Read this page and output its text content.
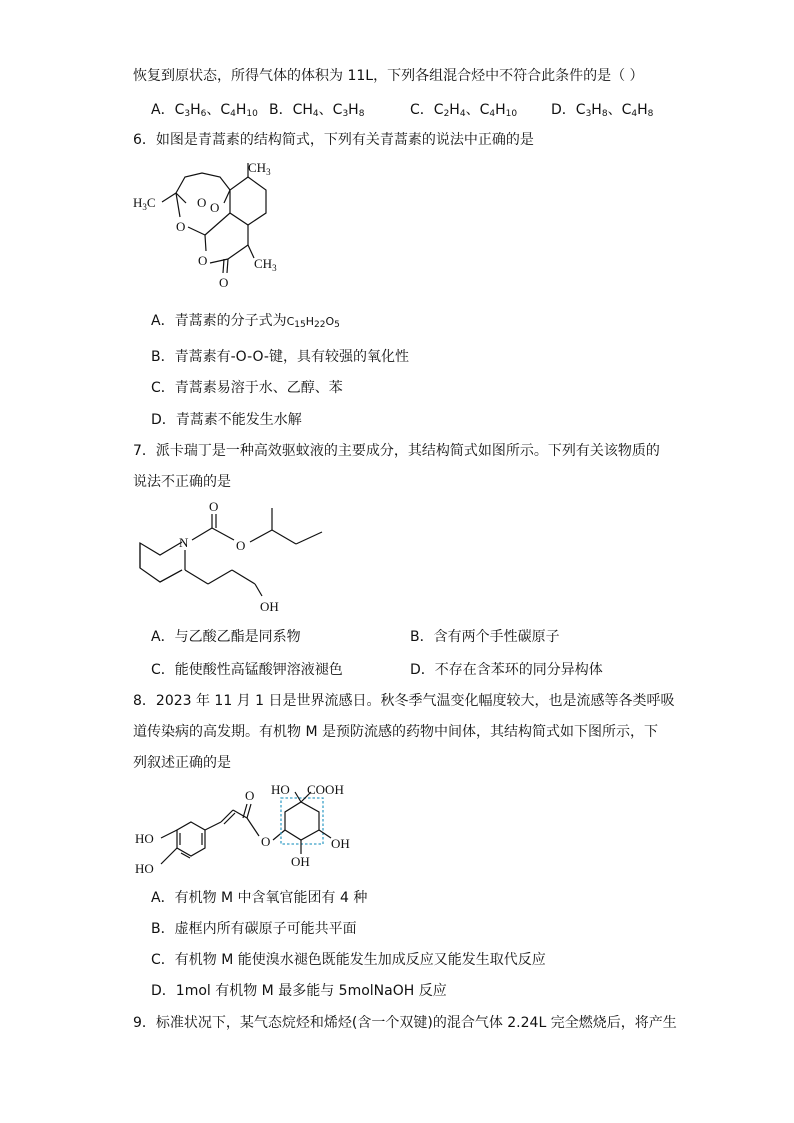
恢复到原状态，所得气体的体积为 11L，下列各组混合烃中不符合此条件的是（ ）
A．$C_3H_6$、$C_4H_{10}$ B．$CH_4$、$C_3H_8$	C．$C_2H_4$、$C_4H_{10}$ D．$C_3H_8$、$C_4H_8$
6．如图是青蒿素的结构简式，下列有关青蒿素的说法中正确的是
$CH_3$
O O
$H_3C$
O
O
O
$CH_3$
A．青蒿素的分子式为$C_{15}H_{22}O_5$
B．青蒿素有-O-O-键，具有较强的氧化性
C．青蒿素易溶于水、乙醇、苯
D．青蒿素不能发生水解
7．派卡瑞丁是一种高效驱蚊液的主要成分，其结构简式如图所示。下列有关该物质的
说法不正确的是
N
O
O
OH
A．与乙酸乙酯是同系物	B．含有两个手性碳原子
C．能使酸性高锰酸钾溶液褪色	D．不存在含苯环的同分异构体
8．2023 年 11 月 1 日是世界流感日。秋冬季气温变化幅度较大，也是流感等各类呼吸
道传染病的高发期。有机物 M 是预防流感的药物中间体，其结构简式如下图所示，下
列叙述正确的是
HO
HO
O
O
HO COOH
OH
OH
A．有机物 M 中含氧官能团有 4 种
B．虚框内所有碳原子可能共平面
C．有机物 M 能使溴水褪色既能发生加成反应又能发生取代反应
D．1mol 有机物 M 最多能与 5molNaOH 反应
9．标准状况下，某气态烷烃和烯烃(含一个双键)的混合气体 2.24L 完全燃烧后，将产生
